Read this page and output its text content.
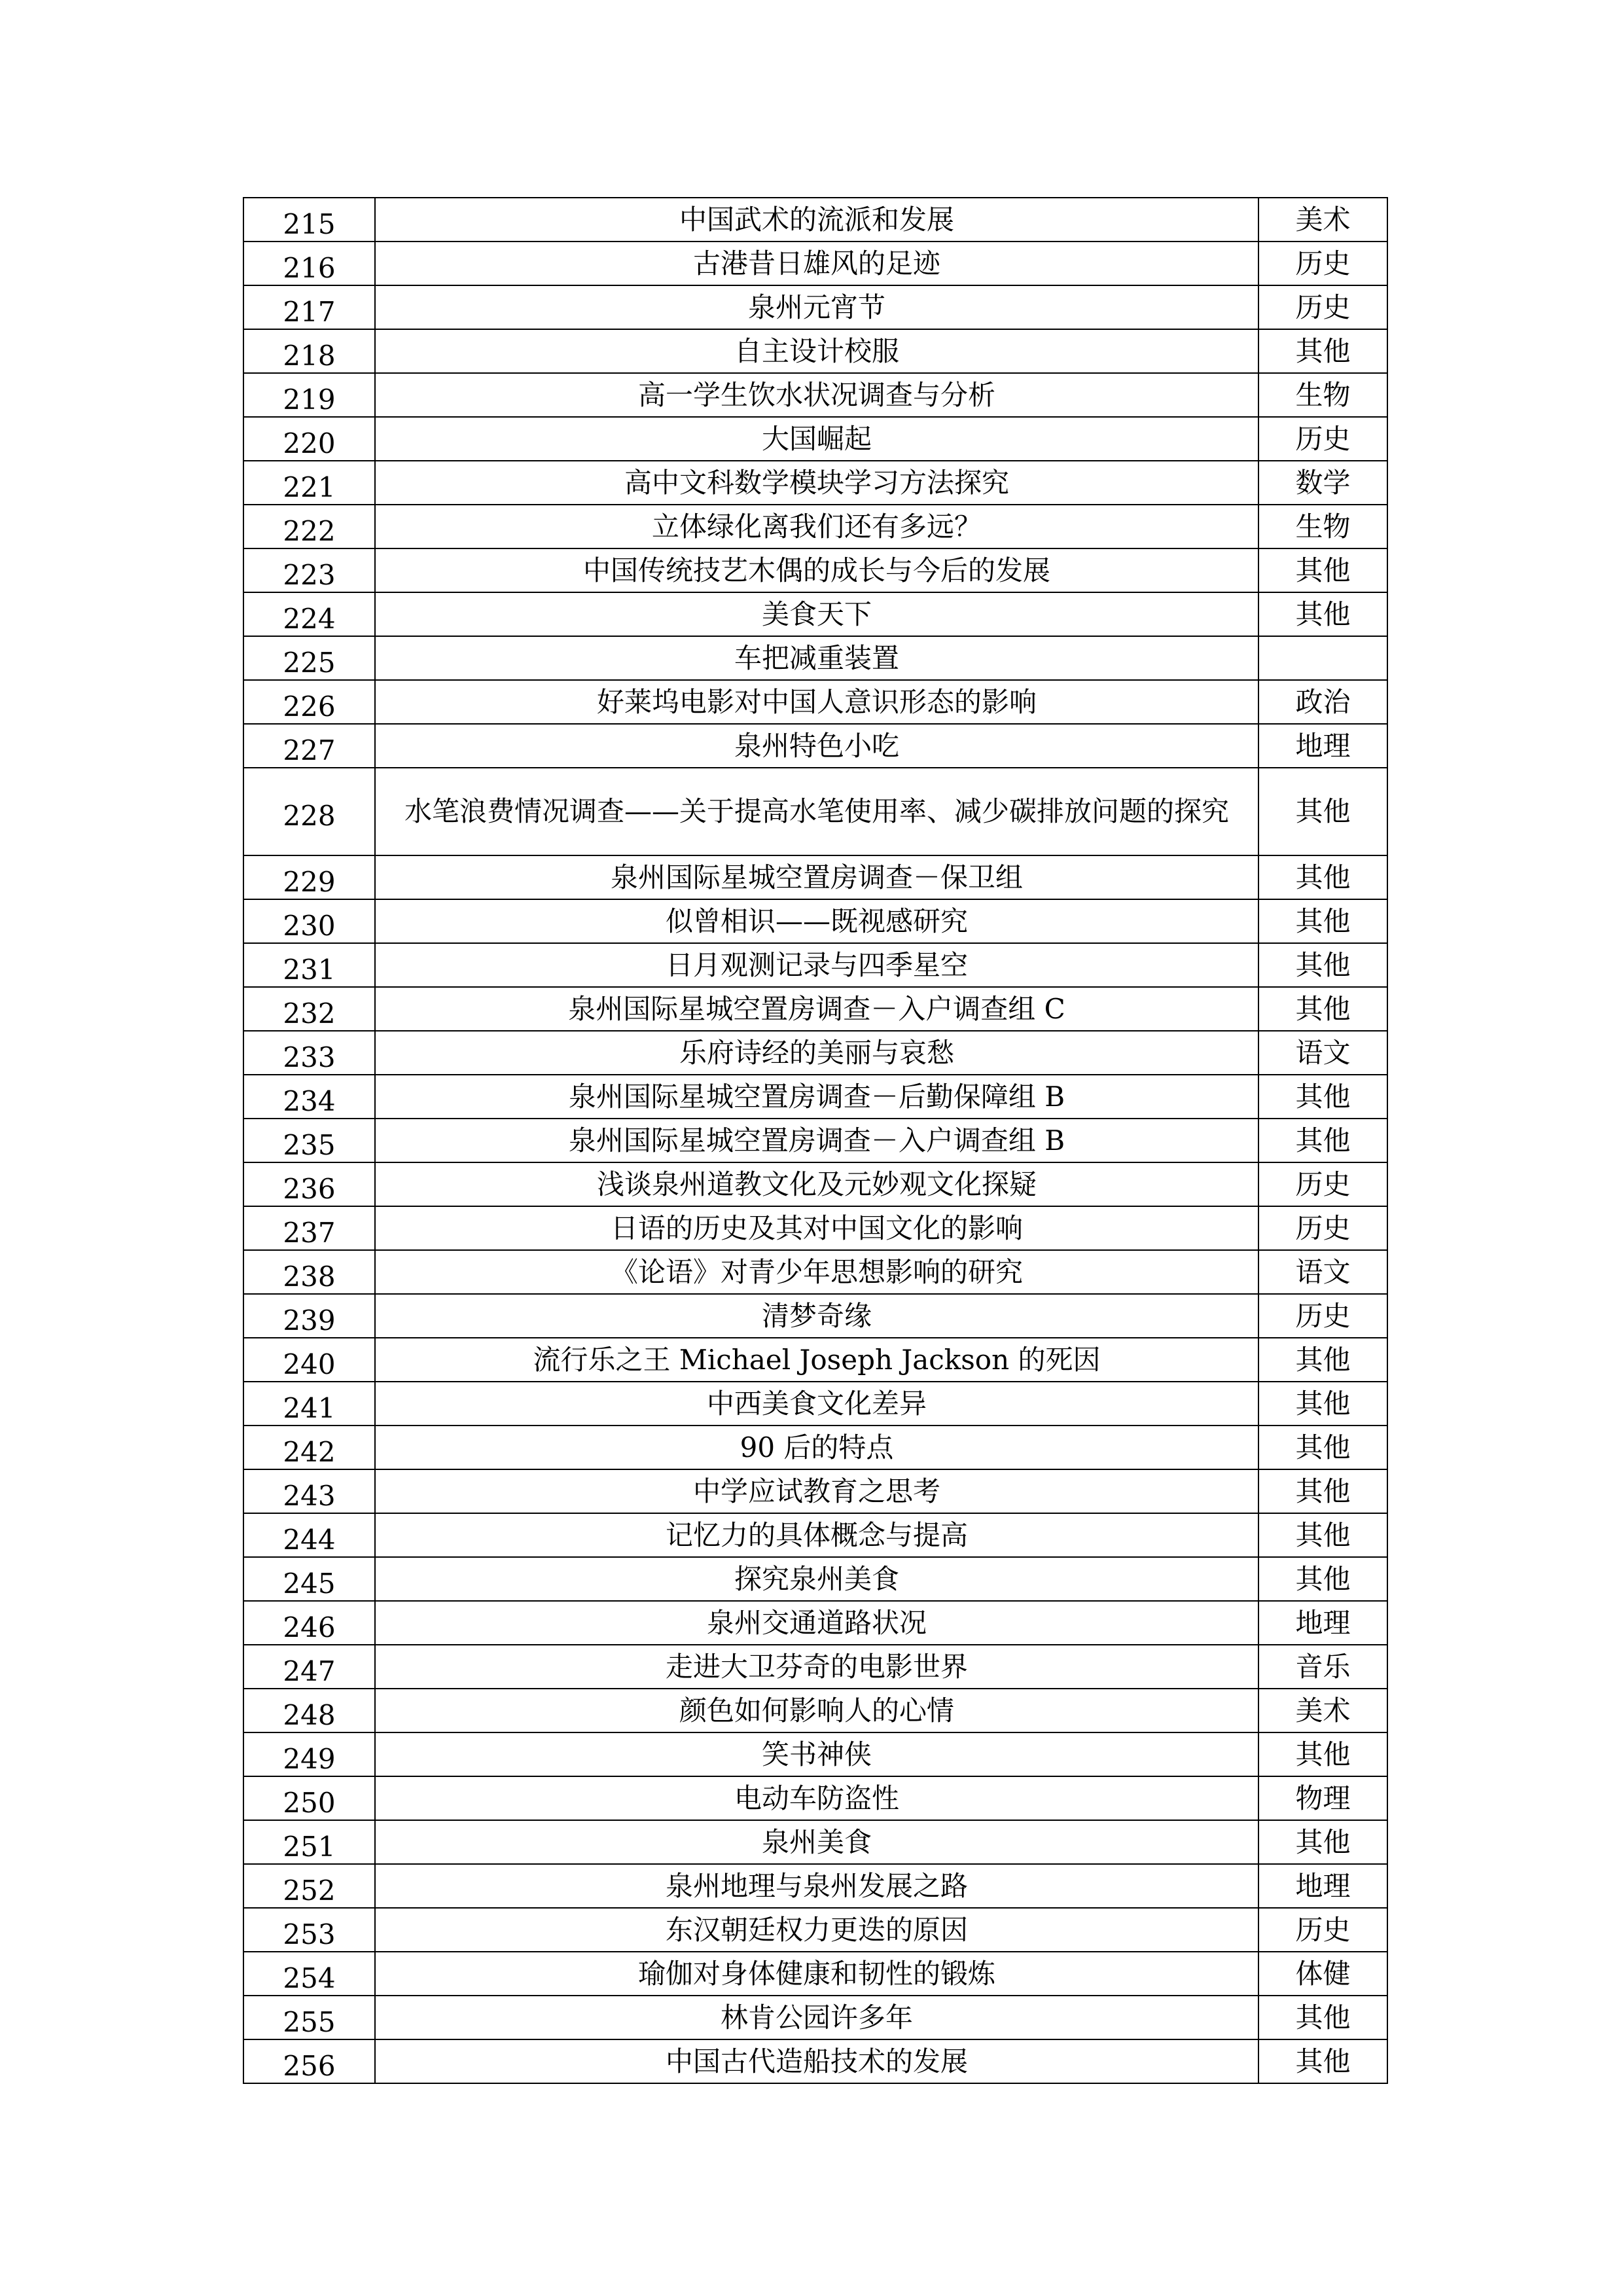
215	中国武术的流派和发展	美术
216	古港昔日雄风的足迹	历史
217	泉州元宵节	历史
218	自主设计校服	其他
219	高一学生饮水状况调查与分析	生物
220	大国崛起	历史
221	高中文科数学模块学习方法探究	数学
222	立体绿化离我们还有多远？	生物
223	中国传统技艺木偶的成长与今后的发展	其他
224	美食天下	其他
225	车把减重装置	
226	好莱坞电影对中国人意识形态的影响	政治
227	泉州特色小吃	地理
228	水笔浪费情况调查——关于提高水笔使用率、减少碳排放问题的探究	其他
229	泉州国际星城空置房调查－保卫组	其他
230	似曾相识——既视感研究	其他
231	日月观测记录与四季星空	其他
232	泉州国际星城空置房调查－入户调查组 C	其他
233	乐府诗经的美丽与哀愁	语文
234	泉州国际星城空置房调查－后勤保障组 B	其他
235	泉州国际星城空置房调查－入户调查组 B	其他
236	浅谈泉州道教文化及元妙观文化探疑	历史
237	日语的历史及其对中国文化的影响	历史
238	《论语》对青少年思想影响的研究	语文
239	清梦奇缘	历史
240	流行乐之王 Michael Joseph Jackson 的死因	其他
241	中西美食文化差异	其他
242	90 后的特点	其他
243	中学应试教育之思考	其他
244	记忆力的具体概念与提高	其他
245	探究泉州美食	其他
246	泉州交通道路状况	地理
247	走进大卫芬奇的电影世界	音乐
248	颜色如何影响人的心情	美术
249	笑书神侠	其他
250	电动车防盗性	物理
251	泉州美食	其他
252	泉州地理与泉州发展之路	地理
253	东汉朝廷权力更迭的原因	历史
254	瑜伽对身体健康和韧性的锻炼	体健
255	林肯公园许多年	其他
256	中国古代造船技术的发展	其他
